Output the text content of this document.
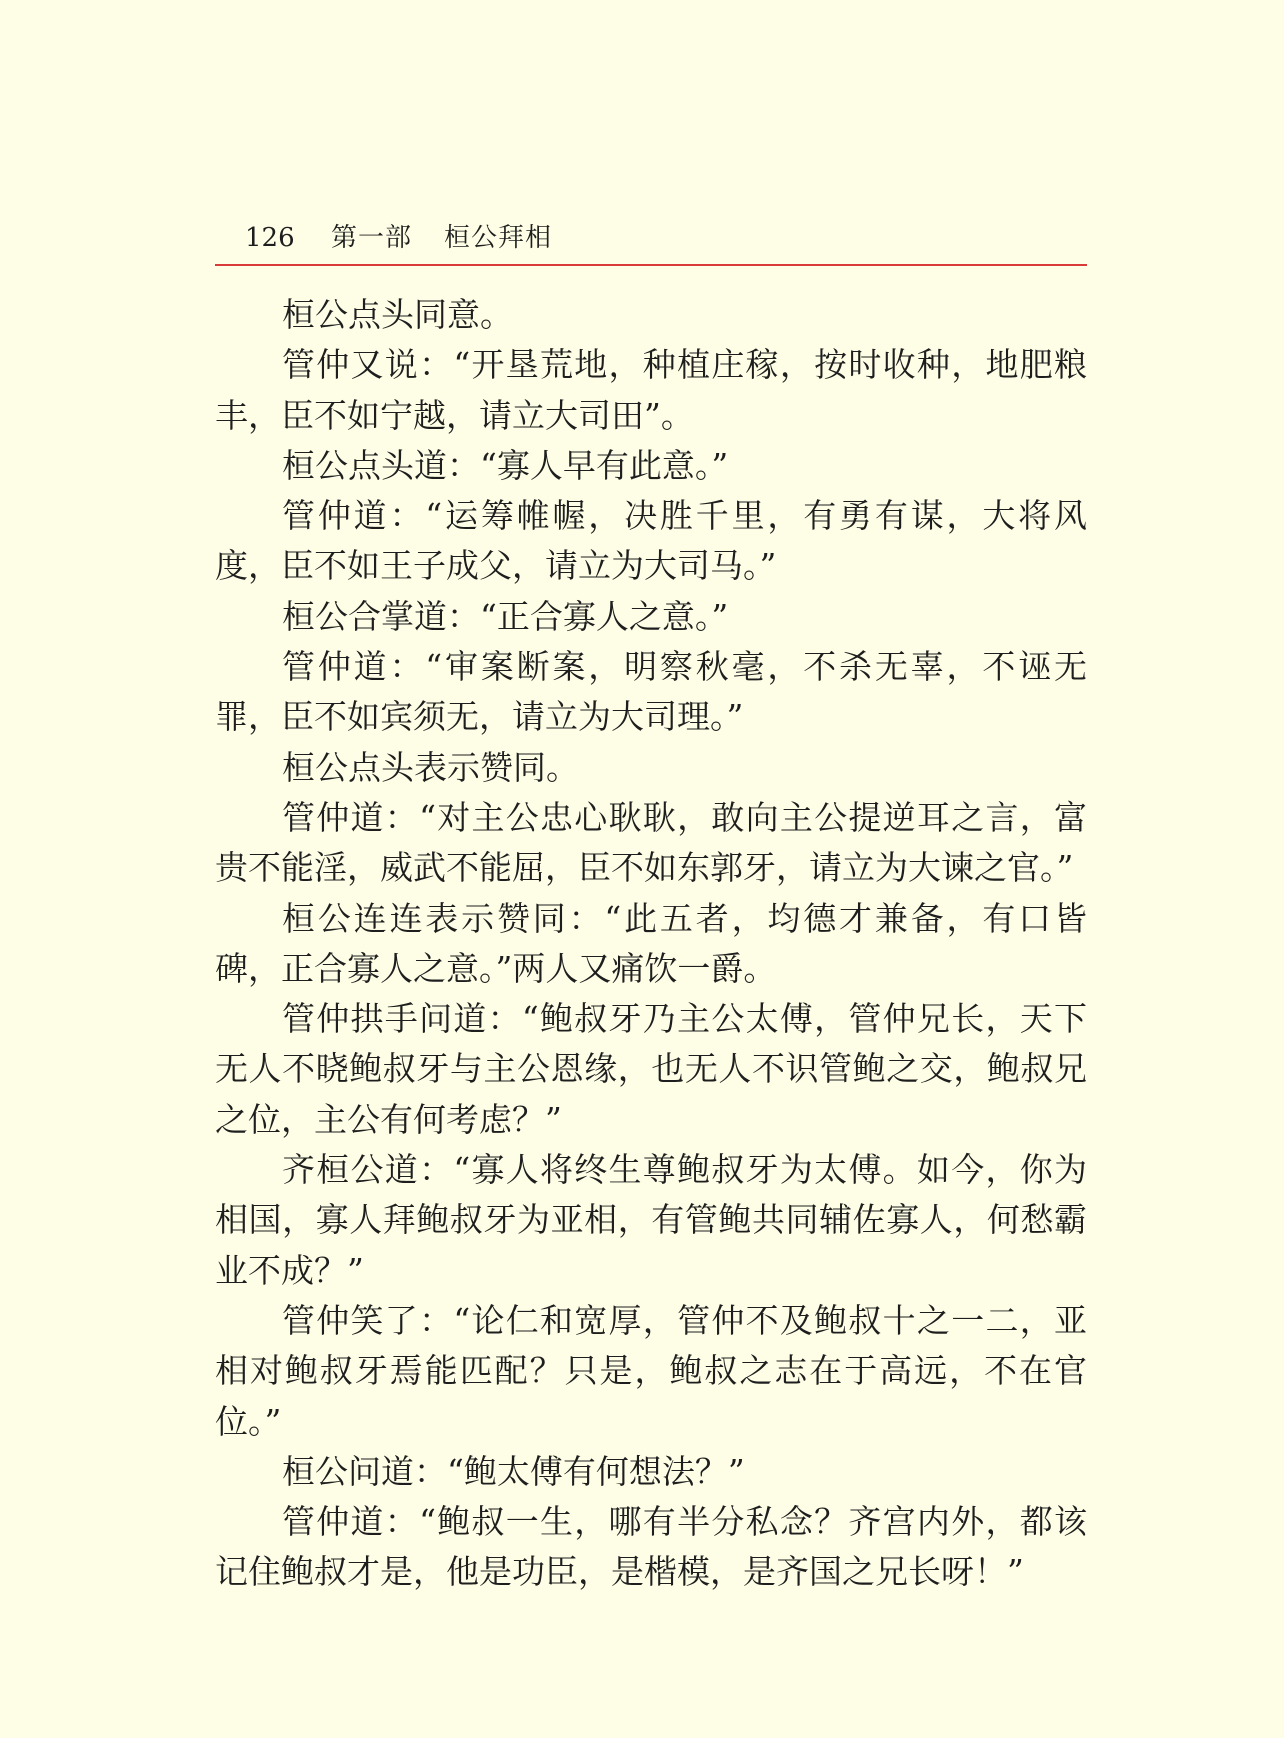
126 第一部 桓公拜相

桓公点头同意。

管仲又说：“开垦荒地，种植庄稼，按时收种，地肥粮丰，臣不如宁越，请立大司田”。

桓公点头道：“寡人早有此意。”

管仲道：“运筹帷幄，决胜千里，有勇有谋，大将风度，臣不如王子成父，请立为大司马。”

桓公合掌道：“正合寡人之意。”

管仲道：“审案断案，明察秋毫，不杀无辜，不诬无罪，臣不如宾须无，请立为大司理。”

桓公点头表示赞同。

管仲道：“对主公忠心耿耿，敢向主公提逆耳之言，富贵不能淫，威武不能屈，臣不如东郭牙，请立为大谏之官。”

桓公连连表示赞同：“此五者，均德才兼备，有口皆碑，正合寡人之意。”两人又痛饮一爵。

管仲拱手问道：“鲍叔牙乃主公太傅，管仲兄长，天下无人不晓鲍叔牙与主公恩缘，也无人不识管鲍之交，鲍叔兄之位，主公有何考虑？”

齐桓公道：“寡人将终生尊鲍叔牙为太傅。如今，你为相国，寡人拜鲍叔牙为亚相，有管鲍共同辅佐寡人，何愁霸业不成？”

管仲笑了：“论仁和宽厚，管仲不及鲍叔十之一二，亚相对鲍叔牙焉能匹配？只是，鲍叔之志在于高远，不在官位。”

桓公问道：“鲍太傅有何想法？”

管仲道：“鲍叔一生，哪有半分私念？齐宫内外，都该记住鲍叔才是，他是功臣，是楷模，是齐国之兄长呀！”
